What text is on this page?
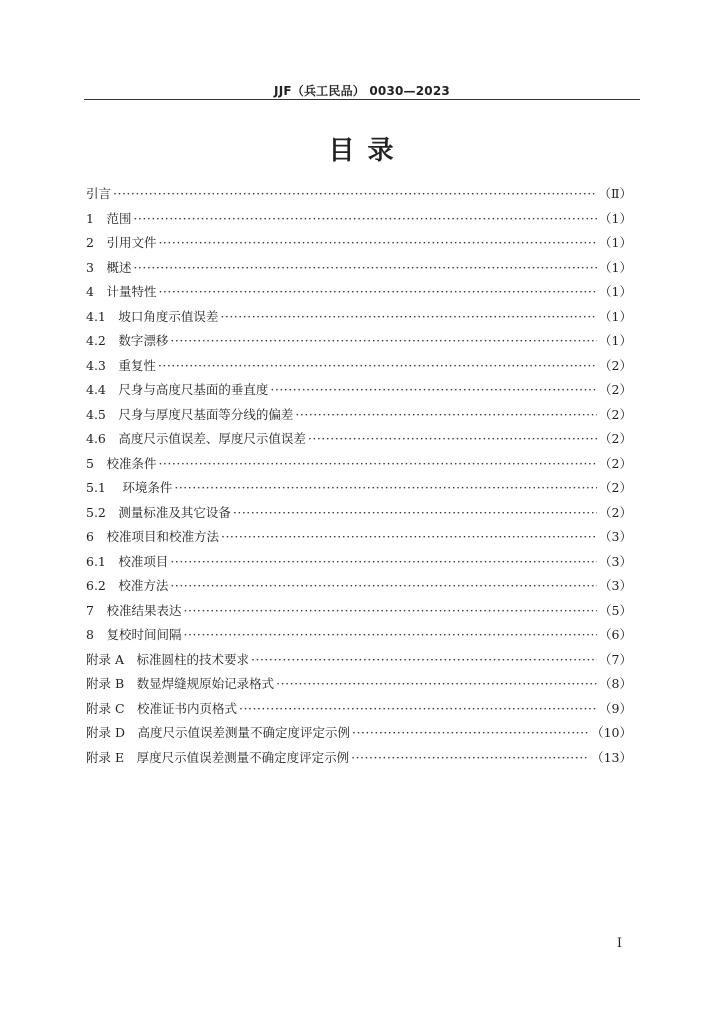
JJF（兵工民品） 0030—2023
目 录
引言 ·····	（Ⅱ）
1　范围 ·····	（1）
2　引用文件 ·····	（1）
3　概述 ·····	（1）
4　计量特性 ·····	（1）
4.1　坡口角度示值误差 ·····	（1）
4.2　数字漂移 ·····	（1）
4.3　重复性 ·····	（2）
4.4　尺身与高度尺基面的垂直度 ·····	（2）
4.5　尺身与厚度尺基面等分线的偏差 ·····	（2）
4.6　高度尺示值误差、厚度尺示值误差 ·····	（2）
5　校准条件 ·····	（2）
5.1　 环境条件 ·····	（2）
5.2　测量标准及其它设备 ·····	（2）
6　校准项目和校准方法 ·····	（3）
6.1　校准项目 ·····	（3）
6.2　校准方法 ·····	（3）
7　校准结果表达 ·····	（5）
8　复校时间间隔 ·····	（6）
附录 A　标准圆柱的技术要求 ·····	（7）
附录 B　数显焊缝规原始记录格式 ·····	（8）
附录 C　校准证书内页格式 ·····	（9）
附录 D　高度尺示值误差测量不确定度评定示例 ·····	（10）
附录 E　厚度尺示值误差测量不确定度评定示例 ·····	（13）
I
